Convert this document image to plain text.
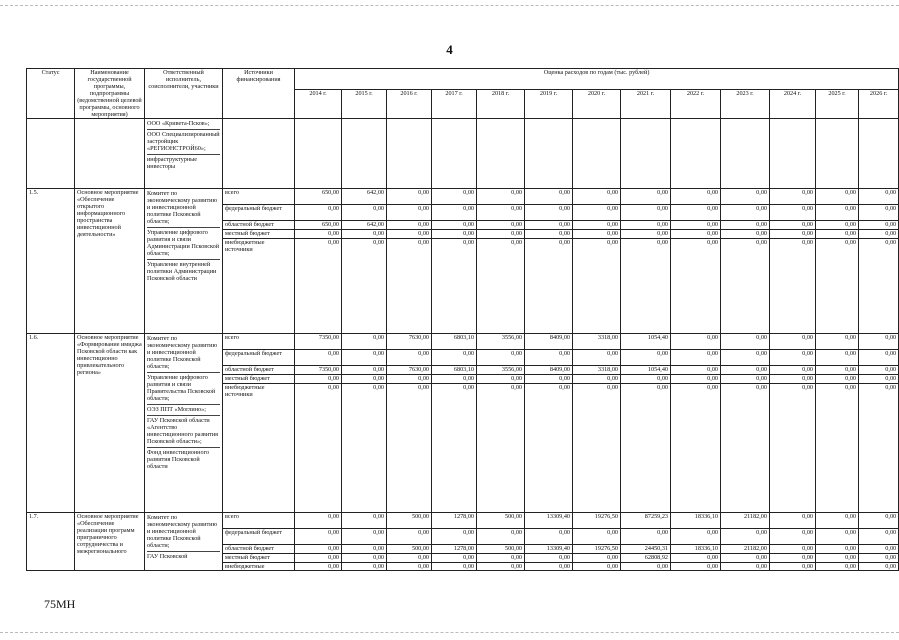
4
Статус	Наименование государственной программы, подпрограммы (ведомственной целевой программы, основного мероприятия)	Ответственный исполнитель, соисполнители, участники	Источники финансирования	Оценка расходов по годам (тыс. рублей)												
				2014 г.	2015 г.	2016 г.	2017 г.	2018 г.	2019 г.	2020 г.	2021 г.	2022 г.	2023 г.	2024 г.	2025 г.	2026 г.

		ООО «Кривета-Псков»;
ООО Специализированный застройщик «РЕГИОНСТРОЙ60»;
инфраструктурные инвесторы														

1.5.	Основное мероприятие «Обеспечение открытого информационного пространства инвестиционной деятельности»	Комитет по экономическому развитию и инвестиционной политике Псковской области;
Управление цифрового развития и связи Администрации Псковской области;
Управление внутренней политики Администрации Псковской области	всего	650,00	642,00	0,00	0,00	0,00	0,00	0,00	0,00	0,00	0,00	0,00	0,00	0,00
			федеральный бюджет	0,00	0,00	0,00	0,00	0,00	0,00	0,00	0,00	0,00	0,00	0,00	0,00	0,00
			областной бюджет	650,00	642,00	0,00	0,00	0,00	0,00	0,00	0,00	0,00	0,00	0,00	0,00	0,00
			местный бюджет	0,00	0,00	0,00	0,00	0,00	0,00	0,00	0,00	0,00	0,00	0,00	0,00	0,00
			внебюджетные источники	0,00	0,00	0,00	0,00	0,00	0,00	0,00	0,00	0,00	0,00	0,00	0,00	0,00
1.6.	Основное мероприятие «Формирование имиджа Псковской области как инвестиционно привлекательного региона»	Комитет по экономическому развитию и инвестиционной политике Псковской области;
Управление цифрового развития и связи Правительства Псковской области;
ОЭЗ ППТ «Моглино»;
ГАУ Псковской области «Агентство инвестиционного развития Псковской области»;
Фонд инвестиционного развития Псковской области	всего	7350,00	0,00	7630,00	6803,10	3556,00	8409,00	3318,00	1054,40	0,00	0,00	0,00	0,00	0,00
			федеральный бюджет	0,00	0,00	0,00	0,00	0,00	0,00	0,00	0,00	0,00	0,00	0,00	0,00	0,00
			областной бюджет	7350,00	0,00	7630,00	6803,10	3556,00	8409,00	3318,00	1054,40	0,00	0,00	0,00	0,00	0,00
			местный бюджет	0,00	0,00	0,00	0,00	0,00	0,00	0,00	0,00	0,00	0,00	0,00	0,00	0,00
			внебюджетные источники	0,00	0,00	0,00	0,00	0,00	0,00	0,00	0,00	0,00	0,00	0,00	0,00	0,00
1.7.	Основное мероприятие «Обеспечение реализации программ приграничного сотрудничества и межрегионального	Комитет по экономическому развитию и инвестиционной политике Псковской области;
ГАУ Псковской	всего	0,00	0,00	500,00	1278,00	500,00	13309,40	19276,50	87259,23	18336,10	21182,00	0,00	0,00	0,00
			федеральный бюджет	0,00	0,00	0,00	0,00	0,00	0,00	0,00	0,00	0,00	0,00	0,00	0,00	0,00
			областной бюджет	0,00	0,00	500,00	1278,00	500,00	13309,40	19276,50	24450,31	18336,10	21182,00	0,00	0,00	0,00
			местный бюджет	0,00	0,00	0,00	0,00	0,00	0,00	0,00	62808,92	0,00	0,00	0,00	0,00	0,00
			внебюджетные	0,00	0,00	0,00	0,00	0,00	0,00	0,00	0,00	0,00	0,00	0,00	0,00	0,00
75МН
